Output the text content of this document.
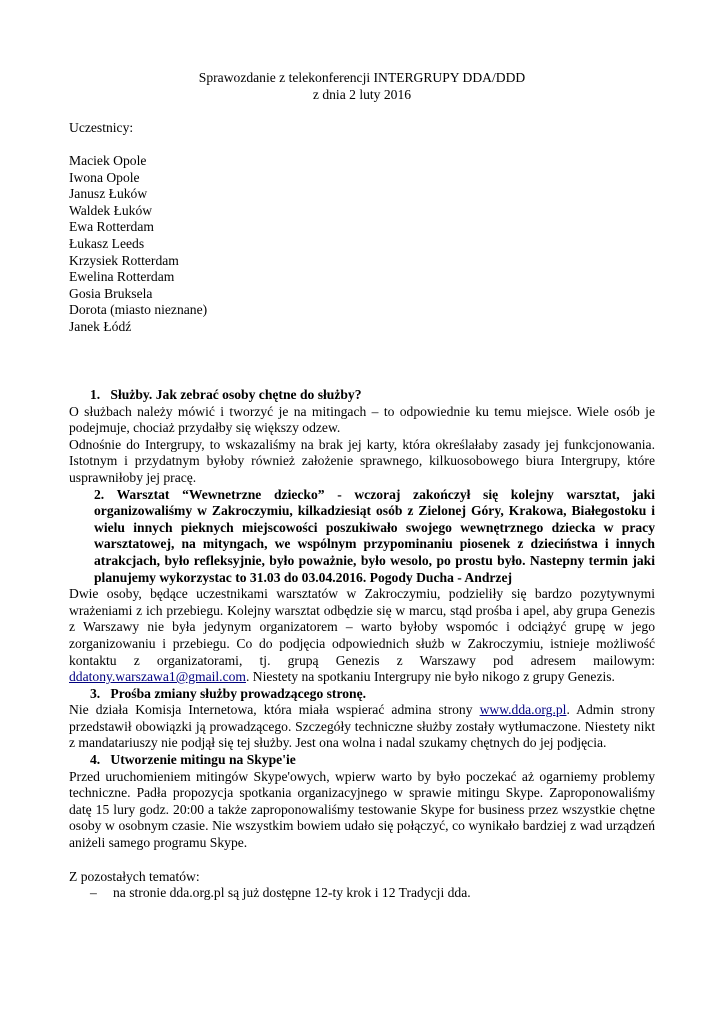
Sprawozdanie z telekonferencji INTERGRUPY DDA/DDD

z dnia 2 luty 2016

Uczestnicy:

Maciek Opole

Iwona Opole

Janusz Łuków

Waldek Łuków

Ewa Rotterdam

Łukasz Leeds

Krzysiek Rotterdam

Ewelina Rotterdam

Gosia Bruksela

Dorota (miasto nieznane)

Janek Łódź

1.   Służby. Jak zebrać osoby chętne do służby?

O służbach należy mówić i tworzyć je na mitingach – to odpowiednie ku temu miejsce. Wiele osób je podejmuje, chociaż przydałby się większy odzew.

Odnośnie do Intergrupy, to wskazaliśmy na brak jej karty, która określałaby zasady jej funkcjonowania. Istotnym i przydatnym byłoby również założenie sprawnego, kilkuosobowego biura Intergrupy, które usprawniłoby jej pracę.

2. Warsztat “Wewnetrzne dziecko” - wczoraj zakończył się kolejny warsztat, jaki organizowaliśmy w Zakroczymiu, kilkadziesiąt osób z Zielonej Góry, Krakowa, Białegostoku i wielu innych pieknych miejscowości poszukiwało swojego wewnętrznego dziecka w pracy warsztatowej, na mityngach, we wspólnym przypominaniu piosenek z dzieciństwa i innych atrakcjach, było refleksyjnie, było poważnie, było wesolo, po prostu było. Nastepny termin jaki planujemy wykorzystac to 31.03 do 03.04.2016. Pogody Ducha - Andrzej

Dwie osoby, będące uczestnikami warsztatów w Zakroczymiu, podzieliły się bardzo pozytywnymi wrażeniami z ich przebiegu. Kolejny warsztat odbędzie się w marcu, stąd prośba i apel, aby grupa Genezis z Warszawy nie była jedynym organizatorem – warto byłoby wspomóc i odciążyć grupę w jego zorganizowaniu i przebiegu. Co do podjęcia odpowiednich służb w Zakroczymiu, istnieje możliwość kontaktu z organizatorami, tj. grupą Genezis z Warszawy pod adresem mailowym: ddatony.warszawa1@gmail.com. Niestety na spotkaniu Intergrupy nie było nikogo z grupy Genezis.

3.   Prośba zmiany służby prowadzącego stronę.

Nie działa Komisja Internetowa, która miała wspierać admina strony www.dda.org.pl. Admin strony przedstawił obowiązki ją prowadzącego. Szczegóły techniczne służby zostały wytłumaczone. Niestety nikt z mandatariuszy nie podjął się tej służby. Jest ona wolna i nadal szukamy chętnych do jej podjęcia.

4.   Utworzenie mitingu na Skype'ie

Przed uruchomieniem mitingów Skype'owych, wpierw warto by było poczekać aż ogarniemy problemy techniczne. Padła propozycja spotkania organizacyjnego w sprawie mitingu Skype. Zaproponowaliśmy datę 15 lury godz. 20:00 a także zaproponowaliśmy testowanie Skype for business przez wszystkie chętne osoby w osobnym czasie. Nie wszystkim bowiem udało się połączyć, co wynikało bardziej z wad urządzeń aniżeli samego programu Skype.

Z pozostałych tematów:

–	na stronie dda.org.pl są już dostępne 12-ty krok i 12 Tradycji dda.
